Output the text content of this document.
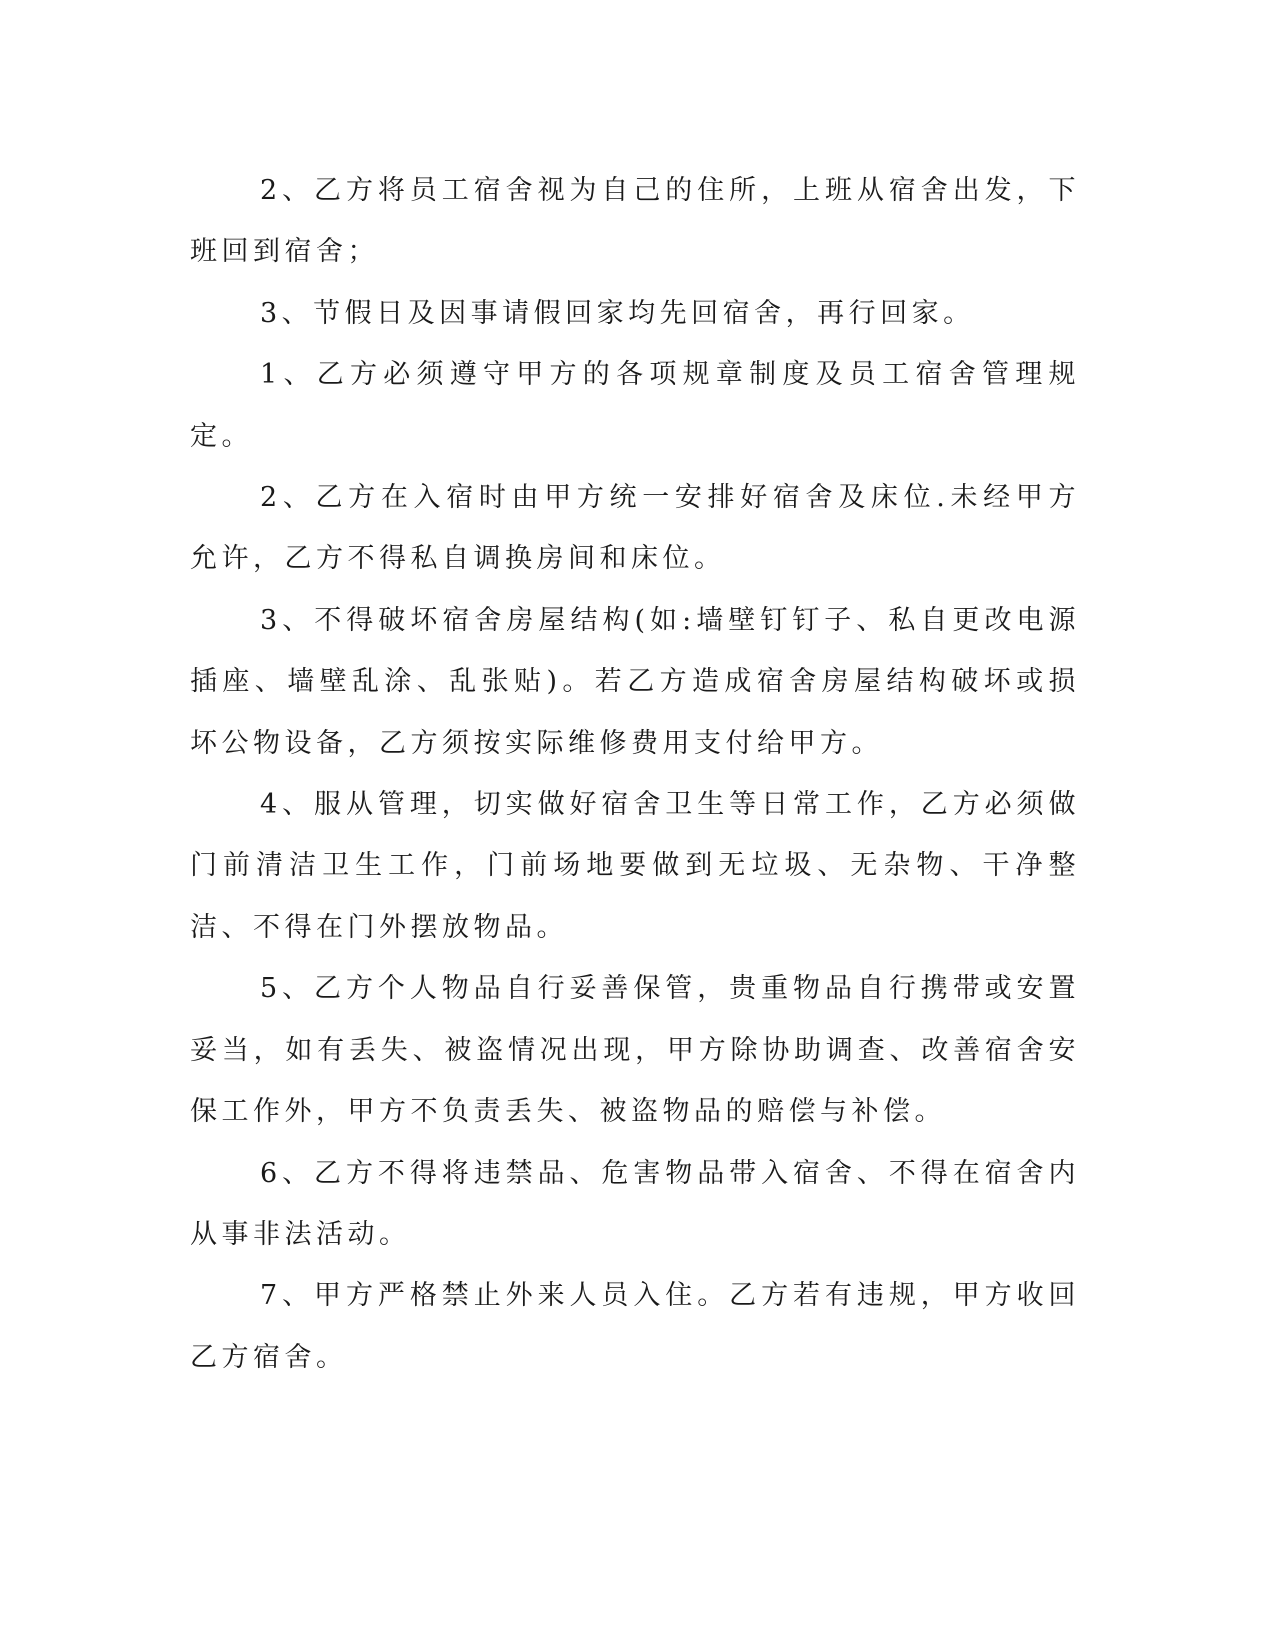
2、乙方将员工宿舍视为自己的住所，上班从宿舍出发，下班回到宿舍；

3、节假日及因事请假回家均先回宿舍，再行回家。

1、乙方必须遵守甲方的各项规章制度及员工宿舍管理规定。

2、乙方在入宿时由甲方统一安排好宿舍及床位.未经甲方允许，乙方不得私自调换房间和床位。

3、不得破坏宿舍房屋结构(如:墙壁钉钉子、私自更改电源插座、墙壁乱涂、乱张贴)。若乙方造成宿舍房屋结构破坏或损坏公物设备，乙方须按实际维修费用支付给甲方。

4、服从管理，切实做好宿舍卫生等日常工作，乙方必须做门前清洁卫生工作，门前场地要做到无垃圾、无杂物、干净整洁、不得在门外摆放物品。

5、乙方个人物品自行妥善保管，贵重物品自行携带或安置妥当，如有丢失、被盗情况出现，甲方除协助调查、改善宿舍安保工作外，甲方不负责丢失、被盗物品的赔偿与补偿。

6、乙方不得将违禁品、危害物品带入宿舍、不得在宿舍内从事非法活动。

7、甲方严格禁止外来人员入住。乙方若有违规，甲方收回乙方宿舍。
